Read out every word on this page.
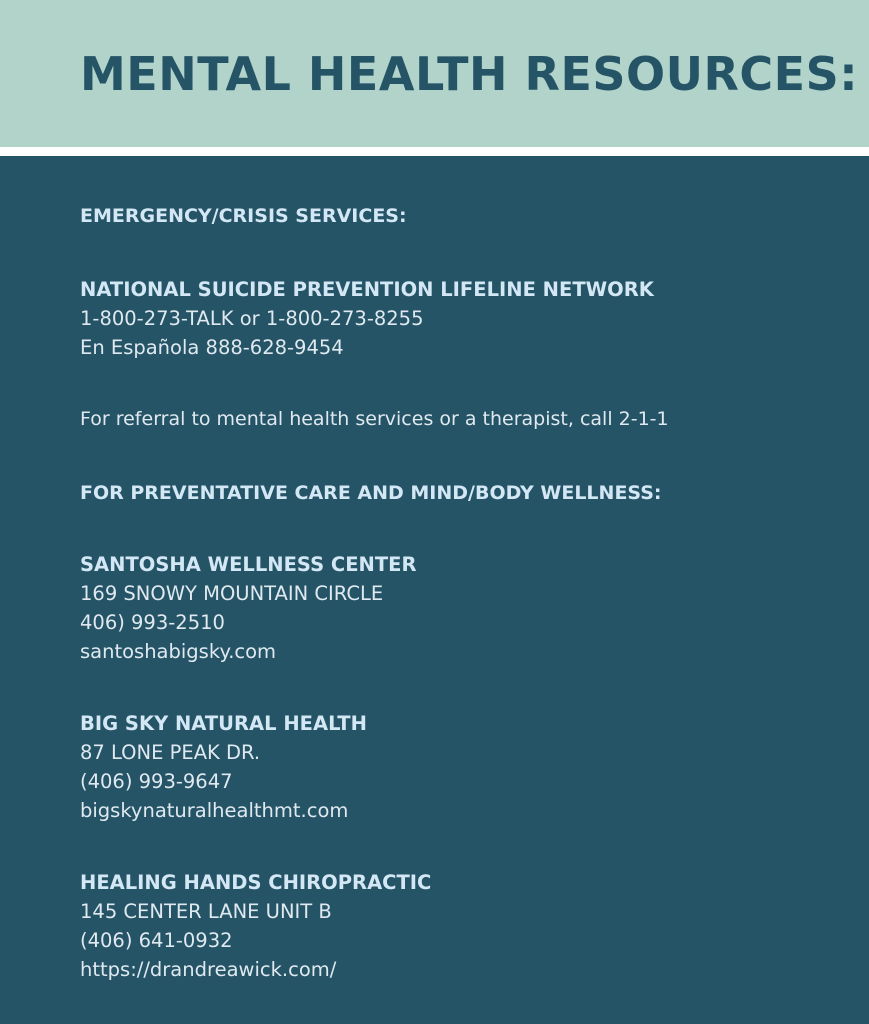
MENTAL HEALTH RESOURCES:

EMERGENCY/CRISIS SERVICES:

NATIONAL SUICIDE PREVENTION LIFELINE NETWORK

1-800-273-TALK or 1-800-273-8255

En Española 888-628-9454

For referral to mental health services or a therapist, call 2-1-1

FOR PREVENTATIVE CARE AND MIND/BODY WELLNESS:

SANTOSHA WELLNESS CENTER

169 SNOWY MOUNTAIN CIRCLE

406) 993-2510

santoshabigsky.com

BIG SKY NATURAL HEALTH

87 LONE PEAK DR.

(406) 993-9647

bigskynaturalhealthmt.com

HEALING HANDS CHIROPRACTIC

145 CENTER LANE UNIT B

(406) 641-0932

https://drandreawick.com/
